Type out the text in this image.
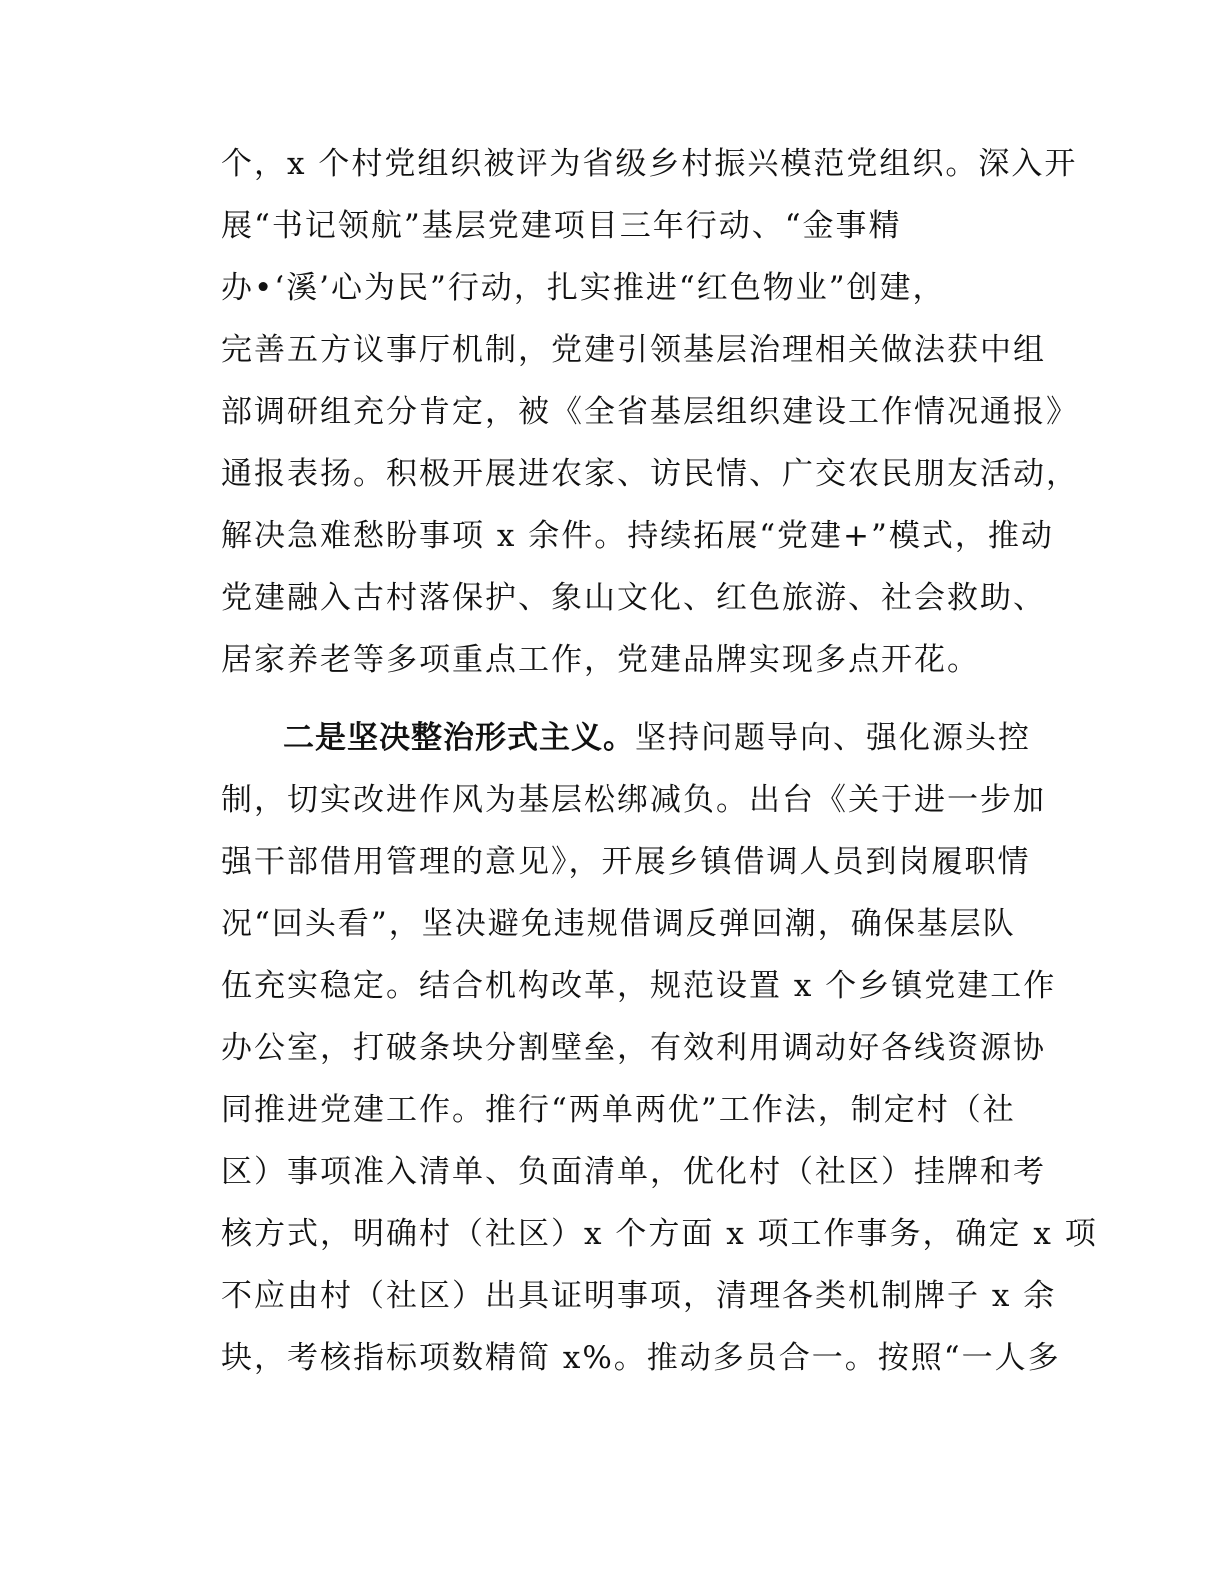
个，x 个村党组织被评为省级乡村振兴模范党组织。深入开
展“书记领航”基层党建项目三年行动、“金事精
办•‘溪’心为民”行动，扎实推进“红色物业”创建，
完善五方议事厅机制，党建引领基层治理相关做法获中组
部调研组充分肯定，被《全省基层组织建设工作情况通报》
通报表扬。积极开展进农家、访民情、广交农民朋友活动，
解决急难愁盼事项 x 余件。持续拓展“党建+”模式，推动
党建融入古村落保护、象山文化、红色旅游、社会救助、
居家养老等多项重点工作，党建品牌实现多点开花。
二是坚决整治形式主义。坚持问题导向、强化源头控
制，切实改进作风为基层松绑减负。出台《关于进一步加
强干部借用管理的意见》，开展乡镇借调人员到岗履职情
况“回头看”，坚决避免违规借调反弹回潮，确保基层队
伍充实稳定。结合机构改革，规范设置 x 个乡镇党建工作
办公室，打破条块分割壁垒，有效利用调动好各线资源协
同推进党建工作。推行“两单两优”工作法，制定村（社
区）事项准入清单、负面清单，优化村（社区）挂牌和考
核方式，明确村（社区）x 个方面 x 项工作事务，确定 x 项
不应由村（社区）出具证明事项，清理各类机制牌子 x 余
块，考核指标项数精简 x%。推动多员合一。按照“一人多
